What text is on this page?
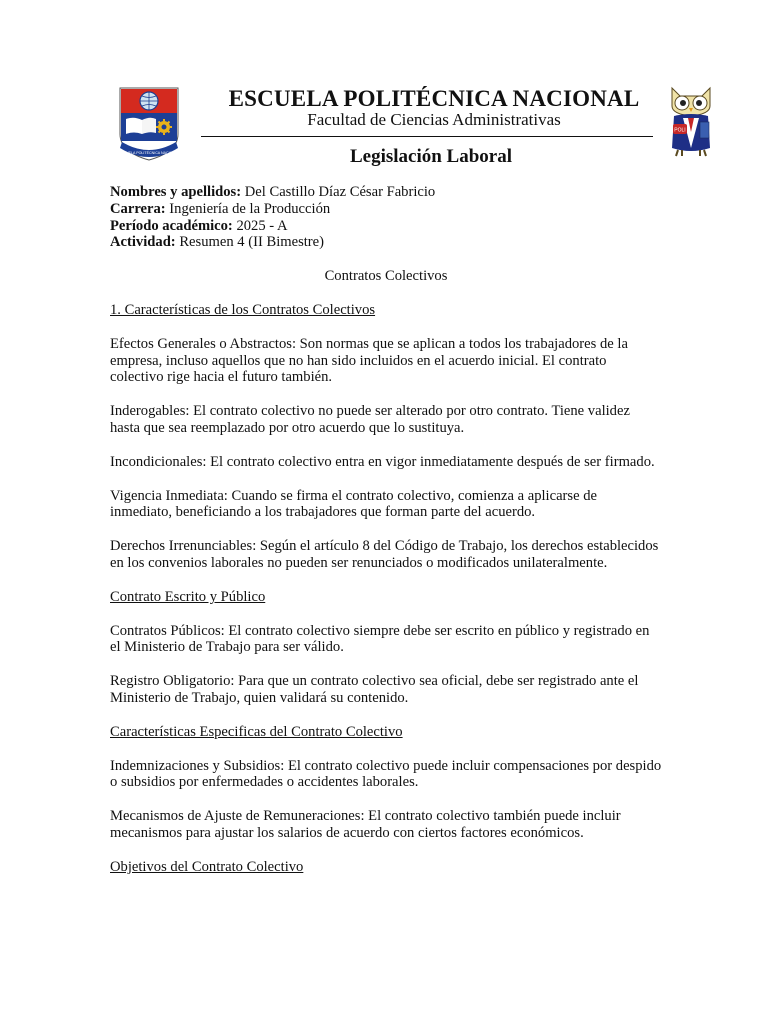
ESCUELA POLITÉCNICA NACIONAL
POLI
ESCUELA POLITÉCNICA NACIONAL
Facultad de Ciencias Administrativas
Legislación Laboral
Nombres y apellidos: Del Castillo Díaz César Fabricio
Carrera: Ingeniería de la Producción
Período académico: 2025 - A
Actividad: Resumen 4 (II Bimestre)
Contratos Colectivos
1. Características de los Contratos Colectivos
Efectos Generales o Abstractos: Son normas que se aplican a todos los trabajadores de la empresa, incluso aquellos que no han sido incluidos en el acuerdo inicial. El contrato colectivo rige hacia el futuro también.
Inderogables: El contrato colectivo no puede ser alterado por otro contrato. Tiene validez hasta que sea reemplazado por otro acuerdo que lo sustituya.
Incondicionales: El contrato colectivo entra en vigor inmediatamente después de ser firmado.
Vigencia Inmediata: Cuando se firma el contrato colectivo, comienza a aplicarse de inmediato, beneficiando a los trabajadores que forman parte del acuerdo.
Derechos Irrenunciables: Según el artículo 8 del Código de Trabajo, los derechos establecidos en los convenios laborales no pueden ser renunciados o modificados unilateralmente.
Contrato Escrito y Público
Contratos Públicos: El contrato colectivo siempre debe ser escrito en público y registrado en el Ministerio de Trabajo para ser válido.
Registro Obligatorio: Para que un contrato colectivo sea oficial, debe ser registrado ante el Ministerio de Trabajo, quien validará su contenido.
Características Especificas del Contrato Colectivo
Indemnizaciones y Subsidios: El contrato colectivo puede incluir compensaciones por despido o subsidios por enfermedades o accidentes laborales.
Mecanismos de Ajuste de Remuneraciones: El contrato colectivo también puede incluir mecanismos para ajustar los salarios de acuerdo con ciertos factores económicos.
Objetivos del Contrato Colectivo
